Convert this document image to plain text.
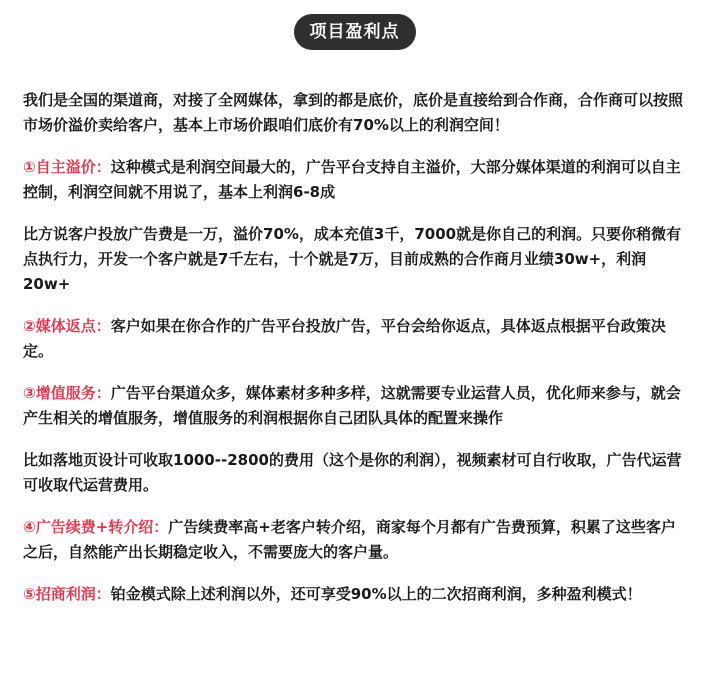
项目盈利点

我们是全国的渠道商，对接了全网媒体，拿到的都是底价，底价是直接给到合作商，合作商可以按照市场价溢价卖给客户，基本上市场价跟咱们底价有70%以上的利润空间！

①自主溢价：这种模式是利润空间最大的，广告平台支持自主溢价，大部分媒体渠道的利润可以自主控制，利润空间就不用说了，基本上利润6-8成

比方说客户投放广告费是一万，溢价70%，成本充值3千，7000就是你自己的利润。只要你稍微有点执行力，开发一个客户就是7千左右，十个就是7万，目前成熟的合作商月业绩30w+，利润20w+

②媒体返点：客户如果在你合作的广告平台投放广告，平台会给你返点，具体返点根据平台政策决定。

③增值服务：广告平台渠道众多，媒体素材多种多样，这就需要专业运营人员，优化师来参与，就会产生相关的增值服务，增值服务的利润根据你自己团队具体的配置来操作

比如落地页设计可收取1000--2800的费用（这个是你的利润），视频素材可自行收取，广告代运营可收取代运营费用。

④广告续费+转介绍：广告续费率高+老客户转介绍，商家每个月都有广告费预算，积累了这些客户之后，自然能产出长期稳定收入，不需要庞大的客户量。

⑤招商利润：铂金模式除上述利润以外，还可享受90%以上的二次招商利润，多种盈利模式！
